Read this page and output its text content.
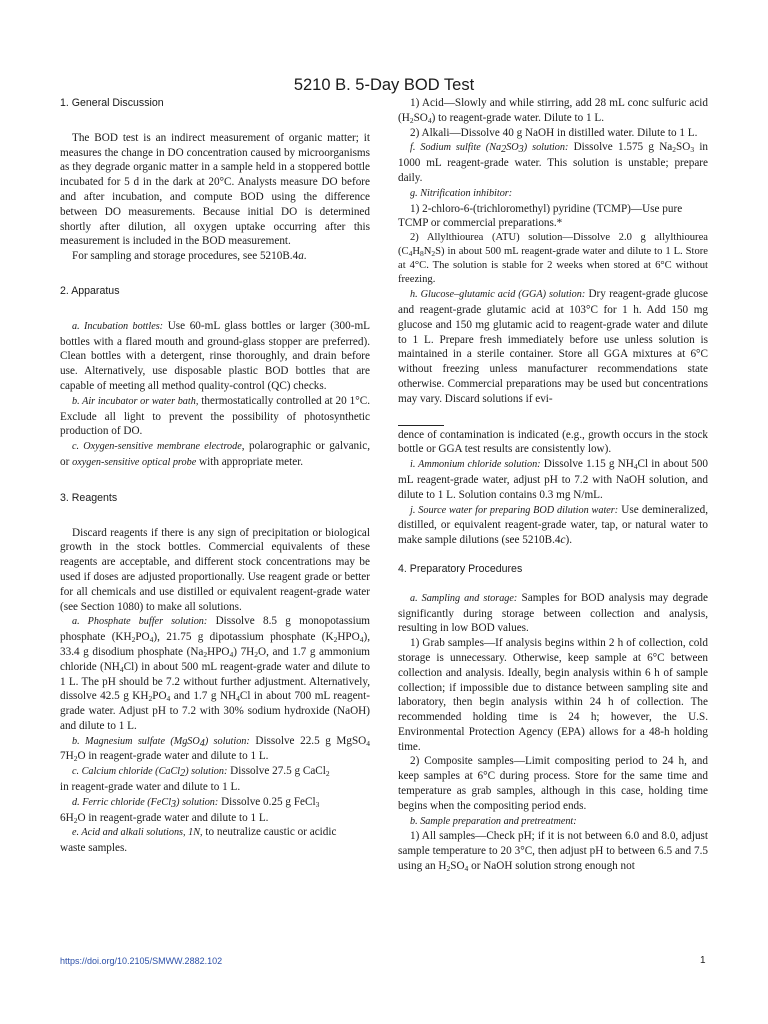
5210 B. 5-Day BOD Test
1. General Discussion

The BOD test is an indirect measurement of organic matter; it measures the change in DO concentration caused by microorganisms as they degrade organic matter in a sample held in a stoppered bottle incubated for 5 d in the dark at 20°C. Analysts measure DO before and after incubation, and compute BOD using the difference between DO measurements. Because initial DO is determined shortly after dilution, all oxygen uptake occurring after this measurement is included in the BOD measurement.

For sampling and storage procedures, see 5210B.4a.

2. Apparatus

a. Incubation bottles: Use 60-mL glass bottles or larger (300-mL bottles with a flared mouth and ground-glass stopper are preferred). Clean bottles with a detergent, rinse thoroughly, and drain before use. Alternatively, use disposable plastic BOD bottles that are capable of meeting all method quality-control (QC) checks.

b. Air incubator or water bath, thermostatically controlled at 20 1°C. Exclude all light to prevent the possibility of photosynthetic production of DO.

c. Oxygen-sensitive membrane electrode, polarographic or galvanic, or oxygen-sensitive optical probe with appropriate meter.

3. Reagents

Discard reagents if there is any sign of precipitation or biological growth in the stock bottles. Commercial equivalents of these reagents are acceptable, and different stock concentrations may be used if doses are adjusted proportionally. Use reagent grade or better for all chemicals and use distilled or equivalent reagent-grade water (see Section 1080) to make all solutions.

a. Phosphate buffer solution: Dissolve 8.5 g monopotassium phosphate $(KH_2PO_4)$, 21.75 g dipotassium phosphate $(K_2HPO_4)$, 33.4 g disodium phosphate $(Na_2HPO_4)$ $7H_2O$, and 1.7 g ammonium chloride $(NH_4Cl)$ in about 500 mL reagent-grade water and dilute to 1 L. The pH should be 7.2 without further adjustment. Alternatively, dissolve 42.5 g $KH_2PO_4$ and 1.7 g $NH_4Cl$ in about 700 mL reagent-grade water. Adjust pH to 7.2 with 30% sodium hydroxide (NaOH) and dilute to 1 L.

b. Magnesium sulfate (MgSO$_4$) solution: Dissolve 22.5 g MgSO$_4$ $7H_2O$ in reagent-grade water and dilute to 1 L.

c. Calcium chloride (CaCl$_2$) solution: Dissolve 27.5 g CaCl$_2$

in reagent-grade water and dilute to 1 L.

d. Ferric chloride (FeCl$_3$) solution: Dissolve 0.25 g FeCl$_3$
$6H_2O$ in reagent-grade water and dilute to 1 L.

e. Acid and alkali solutions, 1N, to neutralize caustic or acidic

waste samples.

1) Acid—Slowly and while stirring, add 28 mL conc sulfuric acid $(H_2SO_4)$ to reagent-grade water. Dilute to 1 L.

2) Alkali—Dissolve 40 g NaOH in distilled water. Dilute to 1 L.

f. Sodium sulfite $(Na_2SO_3)$ solution: Dissolve 1.575 g $Na_2SO_3$ in 1000 mL reagent-grade water. This solution is unstable; prepare daily.

g. Nitrification inhibitor:

1) 2-chloro-6-(trichloromethyl) pyridine (TCMP)—Use pure

TCMP or commercial preparations.*

2) Allylthiourea (ATU) solution—Dissolve 2.0 g allylthiourea $(C_4H_8N_2S)$ in about 500 mL reagent-grade water and dilute to 1 L. Store at 4°C. The solution is stable for 2 weeks when stored at 6°C without freezing.

h. Glucose–glutamic acid (GGA) solution: Dry reagent-grade glucose and reagent-grade glutamic acid at 103°C for 1 h. Add 150 mg glucose and 150 mg glutamic acid to reagent-grade water and dilute to 1 L. Prepare fresh immediately before use unless solution is maintained in a sterile container. Store all GGA mixtures at 6°C without freezing unless manufacturer recommendations state otherwise. Commercial preparations may be used but concentrations may vary. Discard solutions if evi-

dence of contamination is indicated (e.g., growth occurs in the stock bottle or GGA test results are consistently low).

i. Ammonium chloride solution: Dissolve 1.15 g $NH_4Cl$ in about 500 mL reagent-grade water, adjust pH to 7.2 with NaOH solution, and dilute to 1 L. Solution contains 0.3 mg N/mL.

j. Source water for preparing BOD dilution water: Use demineralized, distilled, or equivalent reagent-grade water, tap, or natural water to make sample dilutions (see 5210B.4c).

4. Preparatory Procedures

a. Sampling and storage: Samples for BOD analysis may degrade significantly during storage between collection and analysis, resulting in low BOD values.

1) Grab samples—If analysis begins within 2 h of collection, cold storage is unnecessary. Otherwise, keep sample at 6°C between collection and analysis. Ideally, begin analysis within 6 h of sample collection; if impossible due to distance between sampling site and laboratory, then begin analysis within 24 h of collection. The recommended holding time is 24 h; however, the U.S. Environmental Protection Agency (EPA) allows for a 48-h holding time.

2) Composite samples—Limit compositing period to 24 h, and keep samples at 6°C during process. Store for the same time and temperature as grab samples, although in this case, holding time begins when the compositing period ends.

b. Sample preparation and pretreatment:

1) All samples—Check pH; if it is not between 6.0 and 8.0, adjust sample temperature to 20 3°C, then adjust pH to between 6.5 and 7.5 using an $H_2SO_4$ or NaOH solution strong enough not

https://doi.org/10.2105/SMWW.2882.102	1
